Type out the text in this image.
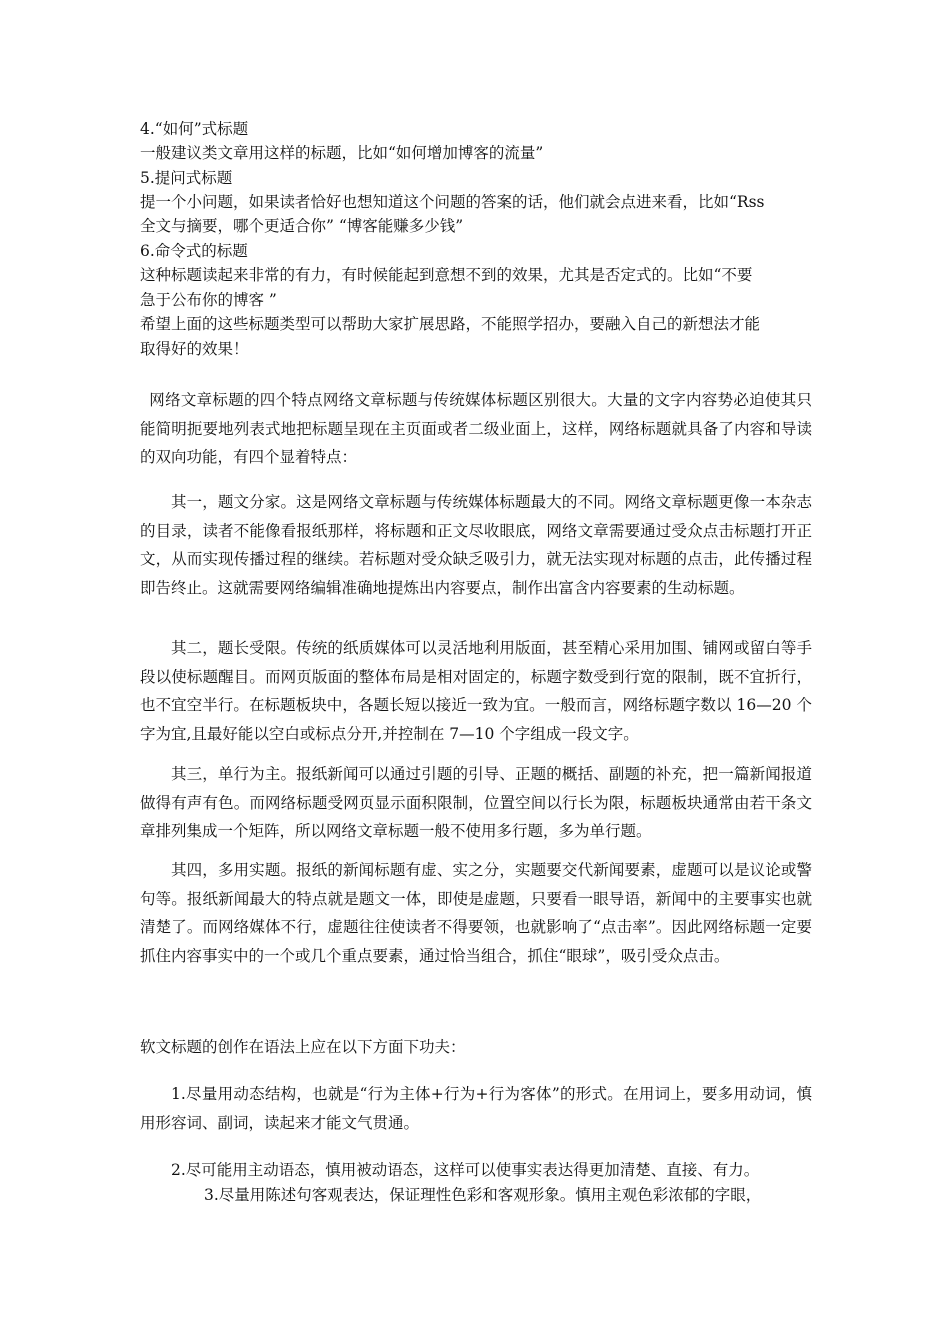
4.“如何”式标题
一般建议类文章用这样的标题，比如“如何增加博客的流量”
5.提问式标题
提一个小问题，如果读者恰好也想知道这个问题的答案的话，他们就会点进来看，比如“Rss
全文与摘要，哪个更适合你” “博客能赚多少钱”
6.命令式的标题
这种标题读起来非常的有力，有时候能起到意想不到的效果，尤其是否定式的。比如“不要
急于公布你的博客 ”
希望上面的这些标题类型可以帮助大家扩展思路，不能照学招办，要融入自己的新想法才能
取得好的效果！

网络文章标题的四个特点网络文章标题与传统媒体标题区别很大。大量的文字内容势必迫使其只能简明扼要地列表式地把标题呈现在主页面或者二级业面上，这样，网络标题就具备了内容和导读的双向功能，有四个显着特点：

其一，题文分家。这是网络文章标题与传统媒体标题最大的不同。网络文章标题更像一本杂志的目录，读者不能像看报纸那样，将标题和正文尽收眼底，网络文章需要通过受众点击标题打开正文，从而实现传播过程的继续。若标题对受众缺乏吸引力，就无法实现对标题的点击，此传播过程即告终止。这就需要网络编辑准确地提炼出内容要点，制作出富含内容要素的生动标题。

其二，题长受限。传统的纸质媒体可以灵活地利用版面，甚至精心采用加围、铺网或留白等手段以使标题醒目。而网页版面的整体布局是相对固定的，标题字数受到行宽的限制，既不宜折行，也不宜空半行。在标题板块中，各题长短以接近一致为宜。一般而言，网络标题字数以 16—20 个字为宜,且最好能以空白或标点分开,并控制在 7—10 个字组成一段文字。

其三，单行为主。报纸新闻可以通过引题的引导、正题的概括、副题的补充，把一篇新闻报道做得有声有色。而网络标题受网页显示面积限制，位置空间以行长为限，标题板块通常由若干条文章排列集成一个矩阵，所以网络文章标题一般不使用多行题，多为单行题。

其四，多用实题。报纸的新闻标题有虚、实之分，实题要交代新闻要素，虚题可以是议论或警句等。报纸新闻最大的特点就是题文一体，即使是虚题，只要看一眼导语，新闻中的主要事实也就清楚了。而网络媒体不行，虚题往往使读者不得要领，也就影响了“点击率”。因此网络标题一定要抓住内容事实中的一个或几个重点要素，通过恰当组合，抓住“眼球”，吸引受众点击。

软文标题的创作在语法上应在以下方面下功夫：

1.尽量用动态结构，也就是“行为主体+行为+行为客体”的形式。在用词上，要多用动词，慎用形容词、副词，读起来才能文气贯通。

2.尽可能用主动语态，慎用被动语态，这样可以使事实表达得更加清楚、直接、有力。
3.尽量用陈述句客观表达，保证理性色彩和客观形象。慎用主观色彩浓郁的字眼，
